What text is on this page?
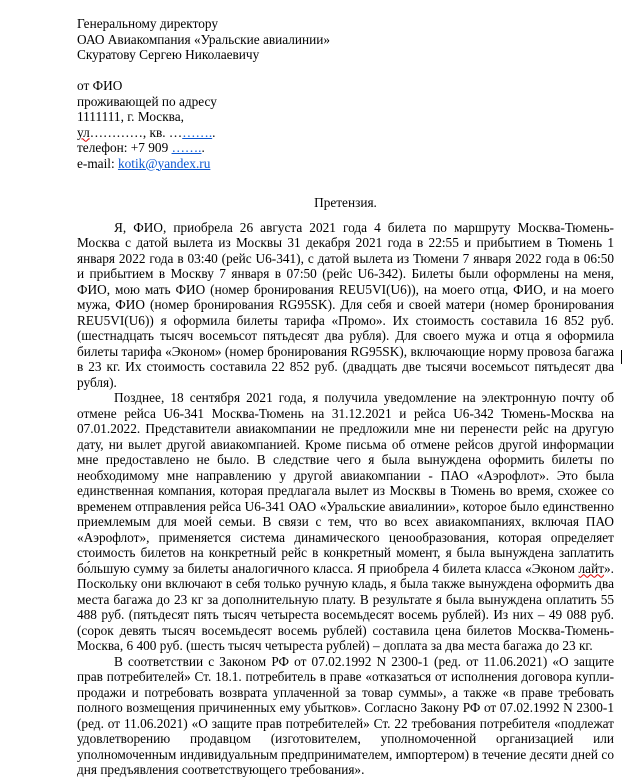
Генеральному директору
ОАО Авиакомпания «Уральские авиалинии»
Скуратову Сергею Николаевичу
от ФИО
проживающей по адресу
1111111, г. Москва,
ул…………, кв. ………..
телефон: +7 909 ……..
e-mail: kotik@yandex.ru
Претензия.

Я, ФИО, приобрела 26 августа 2021 года 4 билета по маршруту Москва-Тюмень-Москва с датой вылета из Москвы 31 декабря 2021 года в 22:55 и прибытием в Тюмень 1 января 2022 года в 03:40 (рейс U6-341), с датой вылета из Тюмени 7 января 2022 года в 06:50 и прибытием в Москву 7 января в 07:50 (рейс U6-342). Билеты были оформлены на меня, ФИО, мою мать ФИО (номер бронирования REU5VI(U6)), на моего отца, ФИО, и на моего мужа, ФИО (номер бронирования RG95SK). Для себя и своей матери (номер бронирования REU5VI(U6)) я оформила билеты тарифа «Промо». Их стоимость составила 16 852 руб. (шестнадцать тысяч восемьсот пятьдесят два рубля). Для своего мужа и отца я оформила билеты тарифа «Эконом» (номер бронирования RG95SK), включающие норму провоза багажа в 23 кг. Их стоимость составила 22 852 руб. (двадцать две тысячи восемьсот пятьдесят два рубля).

Позднее, 18 сентября 2021 года, я получила уведомление на электронную почту об отмене рейса U6-341 Москва-Тюмень на 31.12.2021 и рейса U6-342 Тюмень-Москва на 07.01.2022. Представители авиакомпании не предложили мне ни перенести рейс на другую дату, ни вылет другой авиакомпанией. Кроме письма об отмене рейсов другой информации мне предоставлено не было. В следствие чего я была вынуждена оформить билеты по необходимому мне направлению у другой авиакомпании - ПАО «Аэрофлот». Это была единственная компания, которая предлагала вылет из Москвы в Тюмень во время, схожее со временем отправления рейса U6-341 ОАО «Уральские авиалинии», которое было единственно приемлемым для моей семьи. В связи с тем, что во всех авиакомпаниях, включая ПАО «Аэрофлот», применяется система динамического ценообразования, которая определяет стоимость билетов на конкретный рейс в конкретный момент, я была вынуждена заплатить бо́льшую сумму за билеты аналогичного класса. Я приобрела 4 билета класса «Эконом лайт». Поскольку они включают в себя только ручную кладь, я была также вынуждена оформить два места багажа до 23 кг за дополнительную плату. В результате я была вынуждена оплатить 55 488 руб. (пятьдесят пять тысяч четыреста восемьдесят восемь рублей). Из них – 49 088 руб. (сорок девять тысяч восемьдесят восемь рублей) составила цена билетов Москва-Тюмень-Москва, 6 400 руб. (шесть тысяч четыреста рублей) – доплата за два места багажа до 23 кг.

В соответствии с Законом РФ от 07.02.1992 N 2300-1 (ред. от 11.06.2021) «О защите прав потребителей» Ст. 18.1. потребитель в праве «отказаться от исполнения договора купли-продажи и потребовать возврата уплаченной за товар суммы», а также «в праве требовать полного возмещения причиненных ему убытков». Согласно Закону РФ от 07.02.1992 N 2300-1 (ред. от 11.06.2021) «О защите прав потребителей» Ст. 22 требования потребителя «подлежат удовлетворению продавцом (изготовителем, уполномоченной организацией или уполномоченным индивидуальным предпринимателем, импортером) в течение десяти дней со дня предъявления соответствующего требования».
